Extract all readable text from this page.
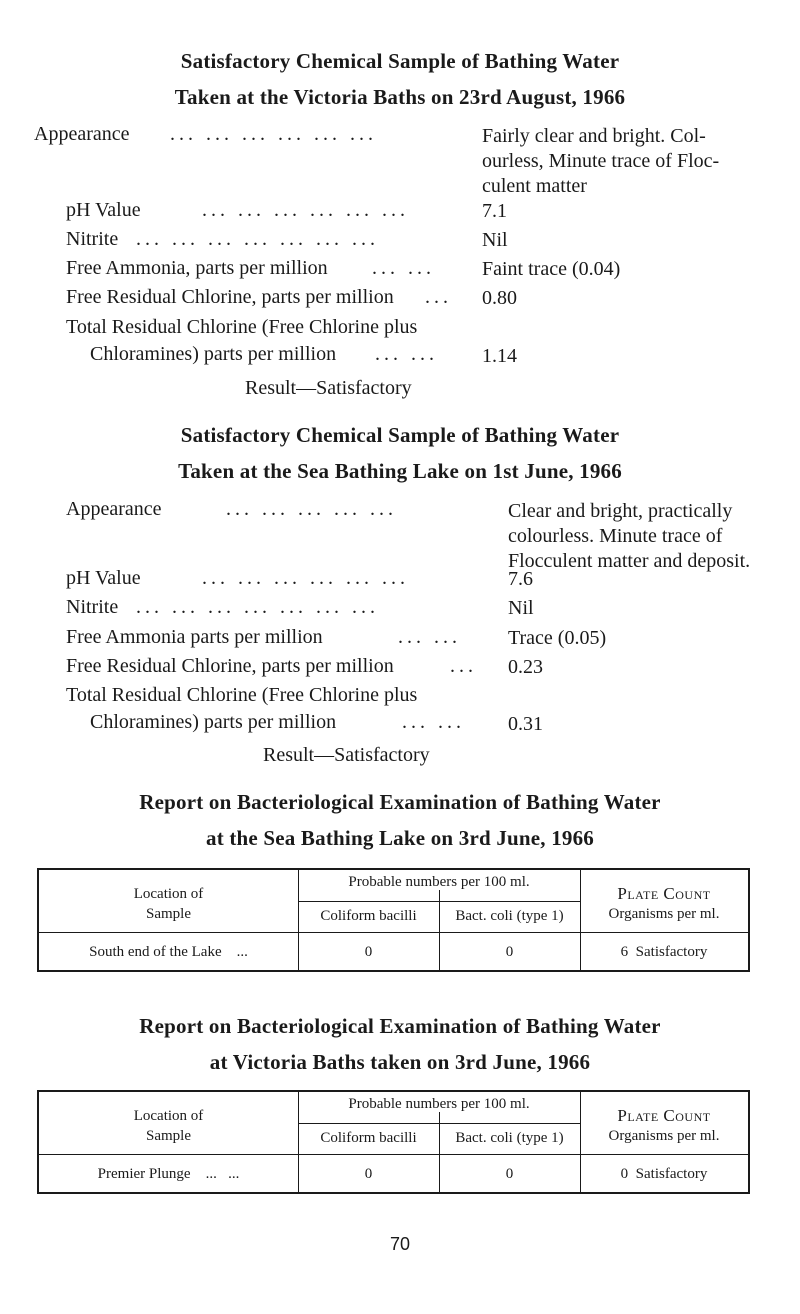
Satisfactory Chemical Sample of Bathing Water
Taken at the Victoria Baths on 23rd August, 1966
Appearance ... ... ... ... ... ...	Fairly clear and bright. Col-
ourless, Minute trace of Floc-
culent matter
pH Value	... ... ... ... ... ...	7.1
Nitrite ... ... ... ... ... ... ...	Nil
Free Ammonia, parts per million ... ... Faint trace (0.04)
Free Residual Chlorine, parts per million ... 0.80
Total Residual Chlorine (Free Chlorine plus
Chloramines) parts per million ... ... 1.14
Result—Satisfactory
Satisfactory Chemical Sample of Bathing Water
Taken at the Sea Bathing Lake on 1st June, 1966
Appearance	... ... ... ... ...	Clear and bright, practically
colourless. Minute trace of
Flocculent matter and deposit.
pH Value	... ... ... ... ... ...	7.6
Nitrite ... ... ... ... ... ... ...	Nil
Free Ammonia parts per million	... ... Trace (0.05)
Free Residual Chlorine, parts per million	... 0.23
Total Residual Chlorine (Free Chlorine plus
Chloramines) parts per million	... ... 0.31
Result—Satisfactory
Report on Bacteriological Examination of Bathing Water
at the Sea Bathing Lake on 3rd June, 1966
Location of
Sample
Probable numbers per 100 ml.
Coliform bacilli	Bact. coli (type 1)
Plate Count
Organisms per ml.
South end of the Lake    ...	0	0	6  Satisfactory
Report on Bacteriological Examination of Bathing Water
at Victoria Baths taken on 3rd June, 1966
Location of
Sample
Probable numbers per 100 ml.
Coliform bacilli	Bact. coli (type 1)
Plate Count
Organisms per ml.
Premier Plunge    ...   ...	0	0	0  Satisfactory
70
